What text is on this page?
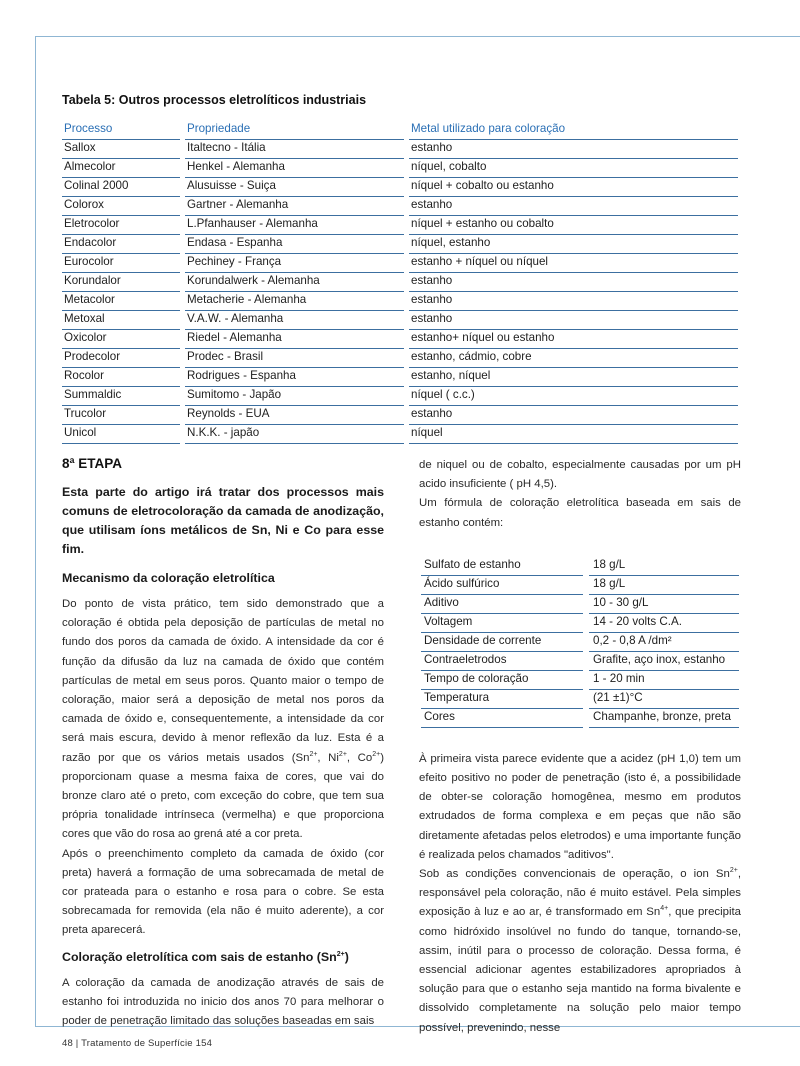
Tabela 5: Outros processos eletrolíticos industriais
Processo	Propriedade	Metal utilizado para coloração
Sallox	Italtecno - Itália	estanho
Almecolor	Henkel - Alemanha	níquel, cobalto
Colinal 2000	Alusuisse - Suiça	níquel + cobalto ou estanho
Colorox	Gartner - Alemanha	estanho
Eletrocolor	L.Pfanhauser - Alemanha	níquel + estanho ou cobalto
Endacolor	Endasa - Espanha	níquel, estanho
Eurocolor	Pechiney - França	estanho + níquel ou níquel
Korundalor	Korundalwerk - Alemanha	estanho
Metacolor	Metacherie - Alemanha	estanho
Metoxal	V.A.W. - Alemanha	estanho
Oxicolor	Riedel - Alemanha	estanho+ níquel ou estanho
Prodecolor	Prodec - Brasil	estanho, cádmio, cobre
Rocolor	Rodrigues - Espanha	estanho, níquel
Summaldic	Sumitomo - Japão	níquel ( c.c.)
Trucolor	Reynolds - EUA	estanho
Unicol	N.K.K. - japão	níquel
8ª ETAPA
Esta parte do artigo irá tratar dos processos mais comuns de eletrocoloração da camada de anodização, que utilisam íons metálicos de Sn, Ni e Co para esse fim.
Mecanismo da coloração eletrolítica

Do ponto de vista prático, tem sido demonstrado que a coloração é obtida pela deposição de partículas de metal no fundo dos poros da camada de óxido. A intensidade da cor é função da difusão da luz na camada de óxido que contém partículas de metal em seus poros. Quanto maior o tempo de coloração, maior será a deposição de metal nos poros da camada de óxido e, consequentemente, a intensidade da cor será mais escura, devido à menor reflexão da luz. Esta é a razão por que os vários metais usados ($Sn^{2+}$, $Ni^{2+}$, $Co^{2+}$) proporcionam quase a mesma faixa de cores, que vai do bronze claro até o preto, com exceção do cobre, que tem sua própria tonalidade intrínseca (vermelha) e que proporciona cores que vão do rosa ao grená até a cor preta.

Após o preenchimento completo da camada de óxido (cor preta) haverá a formação de uma sobrecamada de metal de cor prateada para o estanho e rosa para o cobre. Se esta sobrecamada for removida (ela não é muito aderente), a cor preta aparecerá.

Coloração eletrolítica com sais de estanho $(Sn^{2+})$

A coloração da camada de anodização através de sais de estanho foi introduzida no inicio dos anos 70 para melhorar o poder de penetração limitado das soluções baseadas em sais

de niquel ou de cobalto, especialmente causadas por um pH acido insuficiente ( pH 4,5).

Um fórmula de coloração eletrolítica baseada em sais de estanho contém:

Sulfato de estanho	18 g/L
Ácido sulfúrico	18 g/L
Aditivo	10 - 30 g/L
Voltagem	14 - 20 volts C.A.
Densidade de corrente	0,2 - 0,8 A /dm²
Contraeletrodos	Grafite, aço inox, estanho
Tempo de coloração	1 - 20 min
Temperatura	(21 ±1)°C
Cores	Champanhe, bronze, preta

À primeira vista parece evidente que a acidez (pH 1,0) tem um efeito positivo no poder de penetração (isto é, a possibilidade de obter-se coloração homogênea, mesmo em produtos extrudados de forma complexa e em peças que não são diretamente afetadas pelos eletrodos) e uma importante função é realizada pelos chamados "aditivos".

Sob as condições convencionais de operação, o ion $Sn^{2+}$, responsável pela coloração, não é muito estável. Pela simples exposição à luz e ao ar, é transformado em $Sn^{4+}$, que precipita como hidróxido insolúvel no fundo do tanque, tornando-se, assim, inútil para o processo de coloração. Dessa forma, é essencial adicionar agentes estabilizadores apropriados à solução para que o estanho seja mantido na forma bivalente e dissolvido completamente na solução pelo maior tempo possível, prevenindo, nesse

48 | Tratamento de Superfície 154
